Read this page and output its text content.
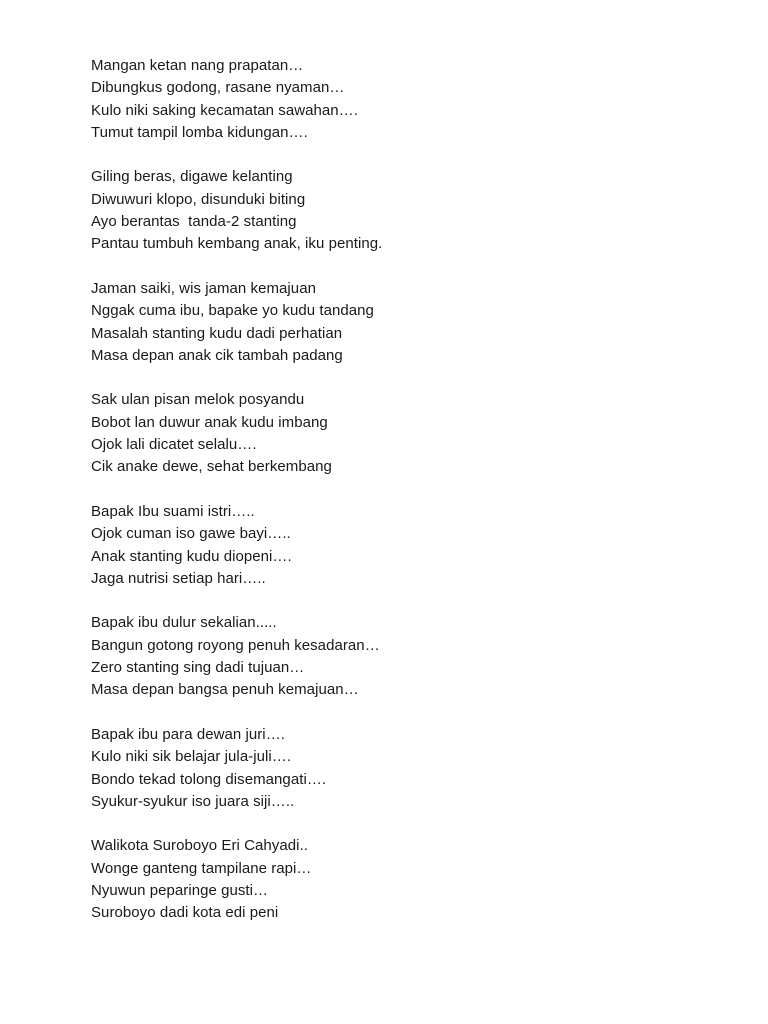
Mangan ketan nang prapatan…
Dibungkus godong, rasane nyaman…
Kulo niki saking kecamatan sawahan….
Tumut tampil lomba kidungan….
Giling beras, digawe kelanting
Diwuwuri klopo, disunduki biting
Ayo berantas  tanda-2 stanting
Pantau tumbuh kembang anak, iku penting.
Jaman saiki, wis jaman kemajuan
Nggak cuma ibu, bapake yo kudu tandang
Masalah stanting kudu dadi perhatian
Masa depan anak cik tambah padang
Sak ulan pisan melok posyandu
Bobot lan duwur anak kudu imbang
Ojok lali dicatet selalu….
Cik anake dewe, sehat berkembang
Bapak Ibu suami istri…..
Ojok cuman iso gawe bayi…..
Anak stanting kudu diopeni….
Jaga nutrisi setiap hari…..
Bapak ibu dulur sekalian.....
Bangun gotong royong penuh kesadaran…
Zero stanting sing dadi tujuan…
Masa depan bangsa penuh kemajuan…
Bapak ibu para dewan juri….
Kulo niki sik belajar jula-juli….
Bondo tekad tolong disemangati….
Syukur-syukur iso juara siji…..
Walikota Suroboyo Eri Cahyadi..
Wonge ganteng tampilane rapi…
Nyuwun peparinge gusti…
Suroboyo dadi kota edi peni
